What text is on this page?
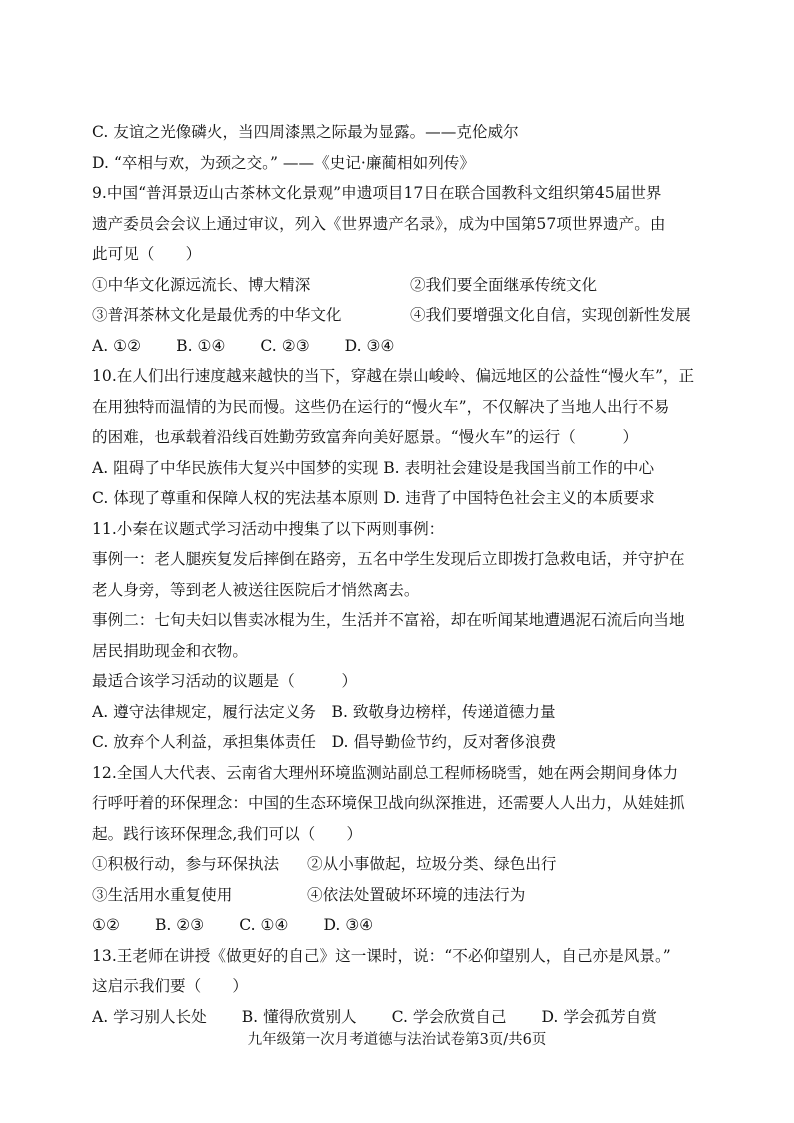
C. 友谊之光像磷火，当四周漆黑之际最为显露。——克伦威尔
D. “卒相与欢，为颈之交。” ——《史记·廉蔺相如列传》
9.中国“普洱景迈山古茶林文化景观”申遗项目17日在联合国教科文组织第45届世界
遗产委员会会议上通过审议，列入《世界遗产名录》，成为中国第57项世界遗产。由
此可见（　　）
①中华文化源远流长、博大精深	②我们要全面继承传统文化
③普洱茶林文化是最优秀的中华文化	④我们要增强文化自信，实现创新性发展
A. ①② B. ①④ C. ②③ D. ③④
10.在人们出行速度越来越快的当下，穿越在崇山峻岭、偏远地区的公益性“慢火车”，正
在用独特而温情的为民而慢。这些仍在运行的“慢火车”，不仅解决了当地人出行不易
的困难，也承载着沿线百姓勤劳致富奔向美好愿景。“慢火车”的运行（　　　）
A. 阻碍了中华民族伟大复兴中国梦的实现 B. 表明社会建设是我国当前工作的中心
C. 体现了尊重和保障人权的宪法基本原则 D. 违背了中国特色社会主义的本质要求
11.小秦在议题式学习活动中搜集了以下两则事例：
事例一：老人腿疾复发后摔倒在路旁，五名中学生发现后立即拨打急救电话，并守护在
老人身旁，等到老人被送往医院后才悄然离去。
事例二：七旬夫妇以售卖冰棍为生，生活并不富裕，却在听闻某地遭遇泥石流后向当地
居民捐助现金和衣物。
最适合该学习活动的议题是（　　　）
A. 遵守法律规定，履行法定义务　B. 致敬身边榜样，传递道德力量
C. 放弃个人利益，承担集体责任　D. 倡导勤俭节约，反对奢侈浪费
12.全国人大代表、云南省大理州环境监测站副总工程师杨晓雪，她在两会期间身体力
行呼吁着的环保理念：中国的生态环境保卫战向纵深推进，还需要人人出力，从娃娃抓
起。践行该环保理念,我们可以（　　）
①积极行动，参与环保执法	②从小事做起，垃圾分类、绿色出行
③生活用水重复使用	④依法处置破坏环境的违法行为
①② B. ②③ C. ①④ D. ③④
13.王老师在讲授《做更好的自己》这一课时，说：“不必仰望别人，自己亦是风景。”
这启示我们要（　　）
A. 学习别人长处 B. 懂得欣赏别人 C. 学会欣赏自己 D. 学会孤芳自赏
九年级第一次月考道德与法治试卷第3页/共6页
